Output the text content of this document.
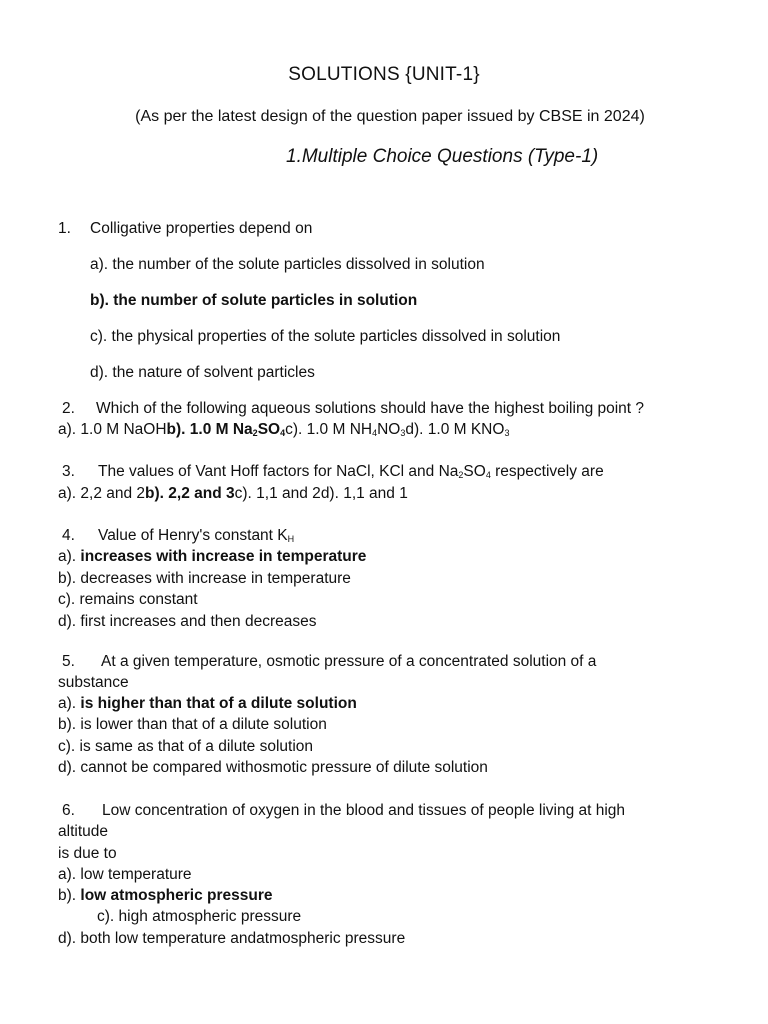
SOLUTIONS {UNIT-1}
(As per the latest design of the question paper issued by CBSE in 2024)
1.Multiple Choice Questions (Type-1)
1. Colligative properties depend on
a). the number of the solute particles dissolved in solution
b). the number of solute particles in solution
c). the physical properties of the solute particles dissolved in solution
d). the nature of solvent particles
2. Which of the following aqueous solutions should have the highest boiling point ?
a). 1.0 M NaOHb). 1.0 M $Na_2SO_4c$). 1.0 M $NH_4NO_3d$). 1.0 M $KNO_3$
3. The values of Vant Hoff factors for NaCl, KCl and $Na_2SO_4$ respectively are
a). 2,2 and 2b). 2,2 and 3c). 1,1 and 2d). 1,1 and 1
4. Value of Henry's constant $K_H$
a). increases with increase in temperature
b). decreases with increase in temperature
c). remains constant
d). first increases and then decreases
5. At a given temperature, osmotic pressure of a concentrated solution of a
substance
a). is higher than that of a dilute solution
b). is lower than that of a dilute solution
c). is same as that of a dilute solution
d). cannot be compared withosmotic pressure of dilute solution
6. Low concentration of oxygen in the blood and tissues of people living at high
altitude
is due to
a). low temperature
b). low atmospheric pressure
c). high atmospheric pressure
d). both low temperature andatmospheric pressure
